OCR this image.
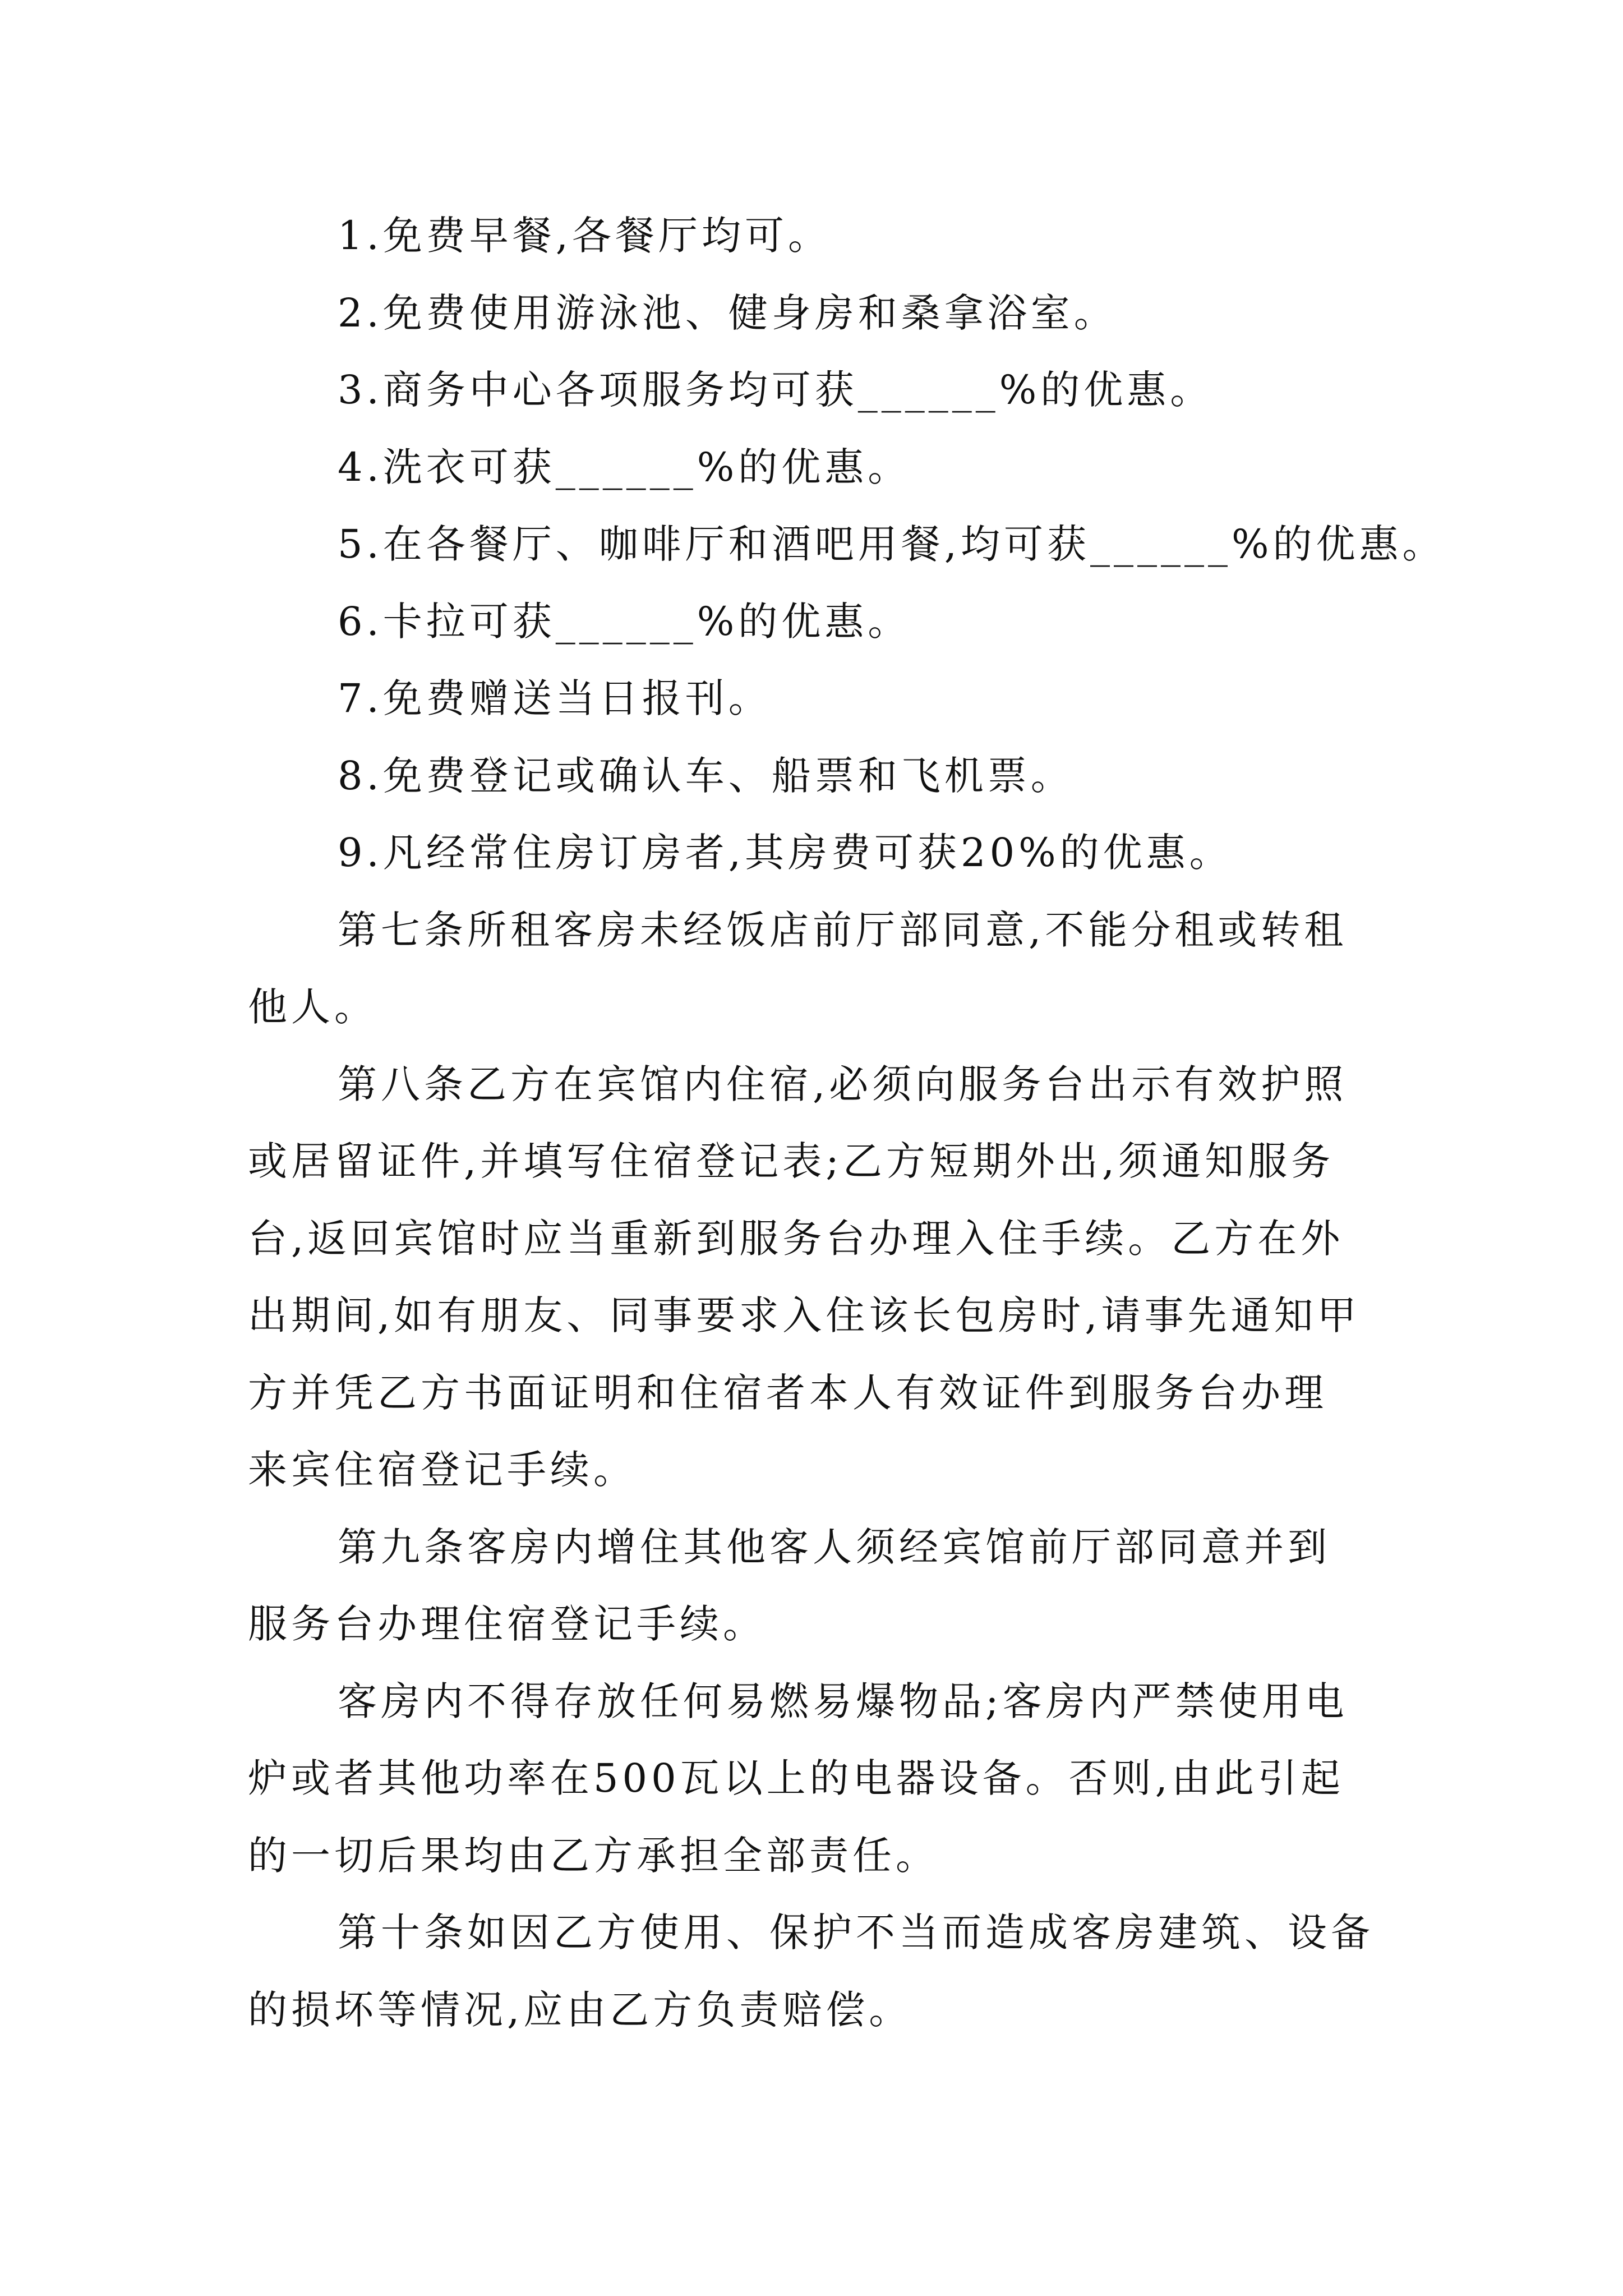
1.免费早餐,各餐厅均可。
2.免费使用游泳池、健身房和桑拿浴室。
3.商务中心各项服务均可获______%的优惠。
4.洗衣可获______%的优惠。
5.在各餐厅、咖啡厅和酒吧用餐,均可获______%的优惠。
6.卡拉可获______%的优惠。
7.免费赠送当日报刊。
8.免费登记或确认车、船票和飞机票。
9.凡经常住房订房者,其房费可获20%的优惠。
第七条所租客房未经饭店前厅部同意,不能分租或转租
他人。
第八条乙方在宾馆内住宿,必须向服务台出示有效护照
或居留证件,并填写住宿登记表;乙方短期外出,须通知服务
台,返回宾馆时应当重新到服务台办理入住手续。乙方在外
出期间,如有朋友、同事要求入住该长包房时,请事先通知甲
方并凭乙方书面证明和住宿者本人有效证件到服务台办理
来宾住宿登记手续。
第九条客房内增住其他客人须经宾馆前厅部同意并到
服务台办理住宿登记手续。
客房内不得存放任何易燃易爆物品;客房内严禁使用电
炉或者其他功率在500瓦以上的电器设备。否则,由此引起
的一切后果均由乙方承担全部责任。
第十条如因乙方使用、保护不当而造成客房建筑、设备
的损坏等情况,应由乙方负责赔偿。
